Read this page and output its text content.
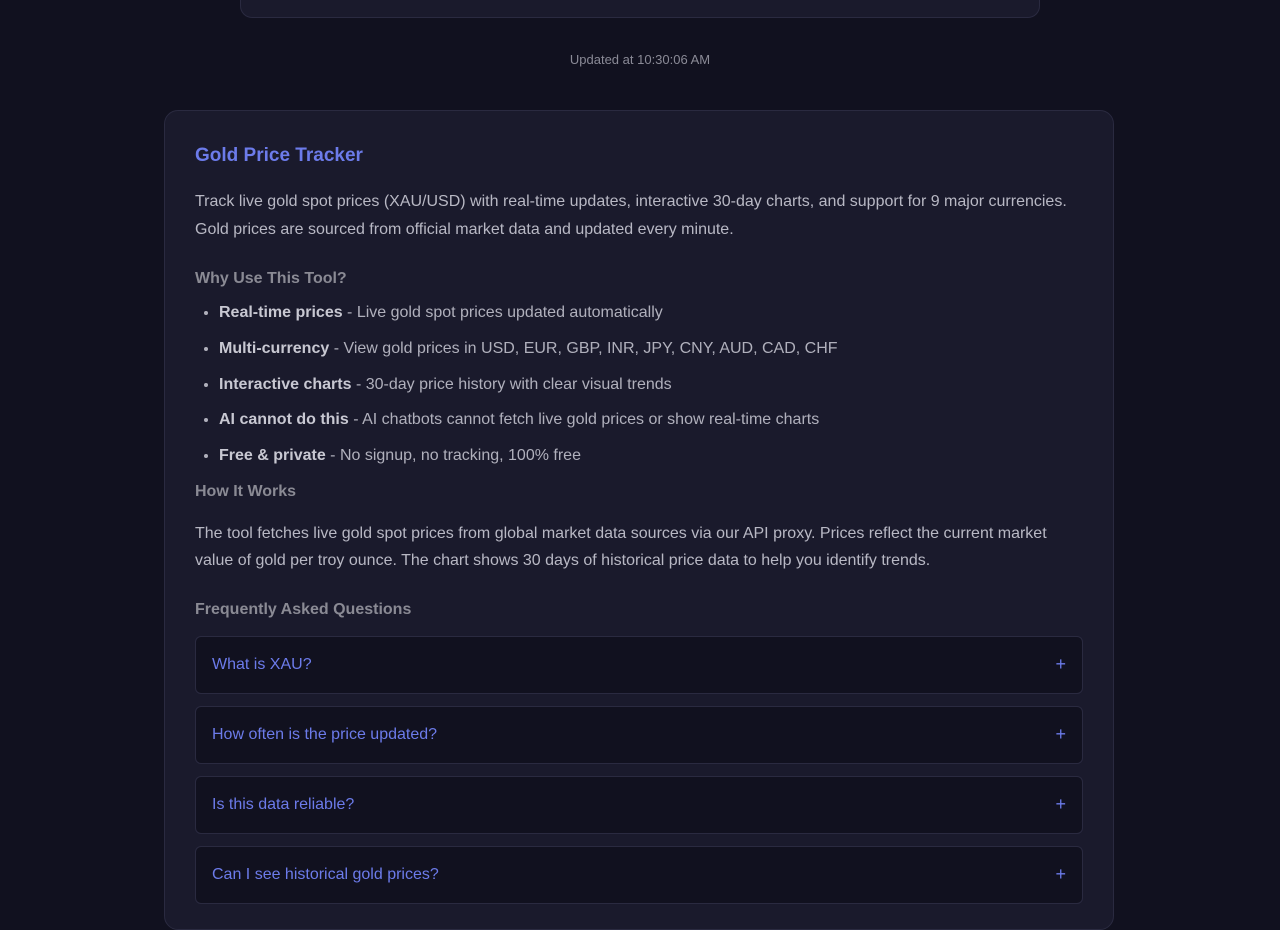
Updated at 10:30:06 AM
Gold Price Tracker

Track live gold spot prices (XAU/USD) with real-time updates, interactive 30-day charts, and support for 9 major currencies. Gold prices are sourced from official market data and updated every minute.

Why Use This Tool?
• Real-time prices - Live gold spot prices updated automatically
• Multi-currency - View gold prices in USD, EUR, GBP, INR, JPY, CNY, AUD, CAD, CHF
• Interactive charts - 30-day price history with clear visual trends
• AI cannot do this - AI chatbots cannot fetch live gold prices or show real-time charts
• Free & private - No signup, no tracking, 100% free
How It Works

The tool fetches live gold spot prices from global market data sources via our API proxy. Prices reflect the current market value of gold per troy ounce. The chart shows 30 days of historical price data to help you identify trends.

Frequently Asked Questions
What is XAU?	+
How often is the price updated?	+
Is this data reliable?	+
Can I see historical gold prices?	+
